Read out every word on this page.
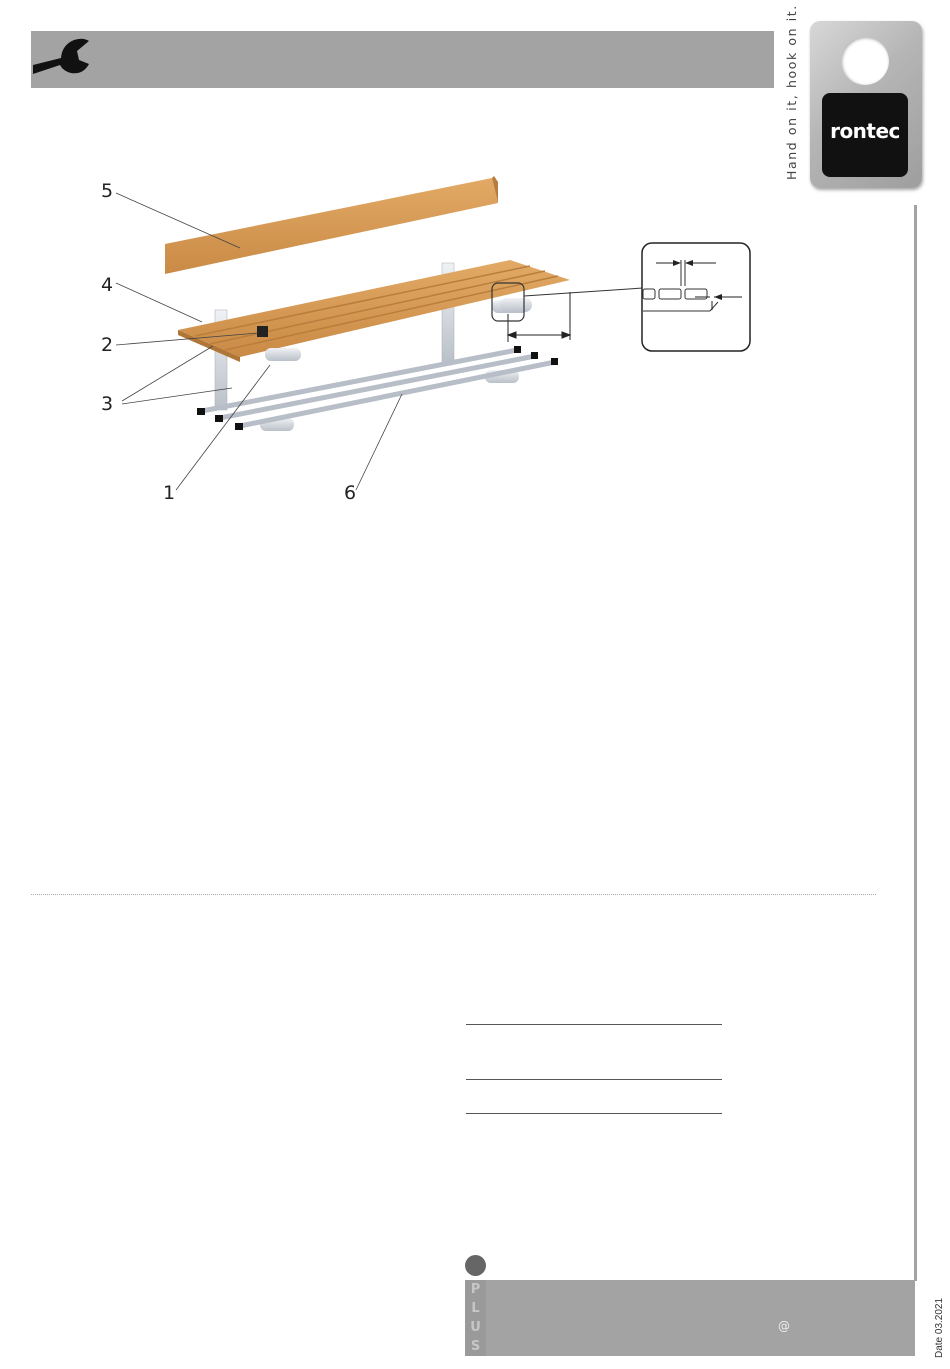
Hand on it, hook on it.	rontec
5
4
2
3
1	6
P
L
U
S
@	Date 03.2021
